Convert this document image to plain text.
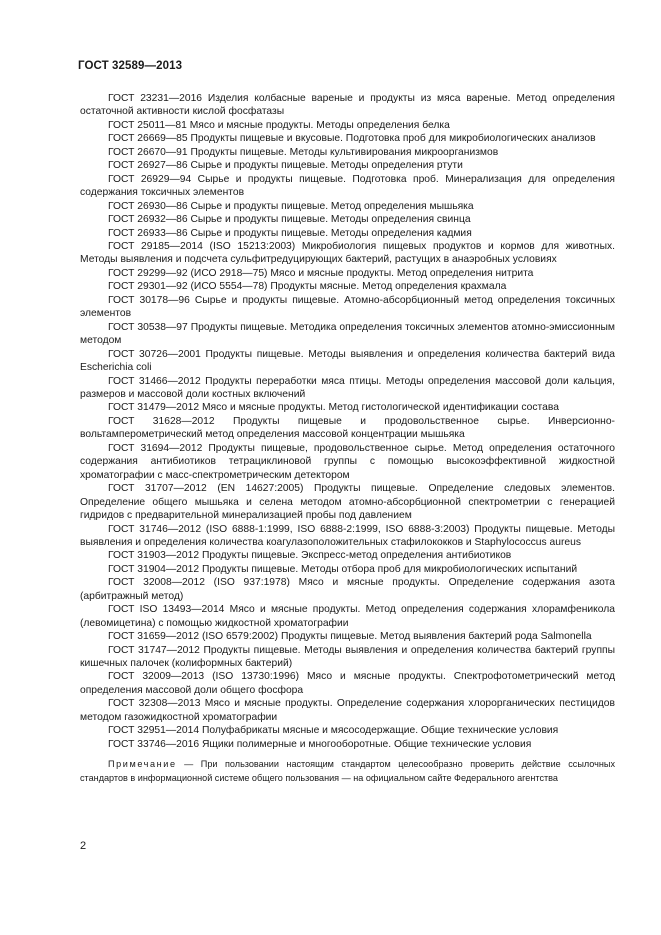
ГОСТ 32589—2013

ГОСТ 23231—2016 Изделия колбасные вареные и продукты из мяса вареные. Метод определения остаточной активности кислой фосфатазы

ГОСТ 25011—81 Мясо и мясные продукты. Методы определения белка

ГОСТ 26669—85 Продукты пищевые и вкусовые. Подготовка проб для микробиологических анализов

ГОСТ 26670—91 Продукты пищевые. Методы культивирования микроорганизмов

ГОСТ 26927—86 Сырье и продукты пищевые. Методы определения ртути

ГОСТ 26929—94 Сырье и продукты пищевые. Подготовка проб. Минерализация для определения содержания токсичных элементов

ГОСТ 26930—86 Сырье и продукты пищевые. Метод определения мышьяка

ГОСТ 26932—86 Сырье и продукты пищевые. Методы определения свинца

ГОСТ 26933—86 Сырье и продукты пищевые. Методы определения кадмия

ГОСТ 29185—2014 (ISO 15213:2003) Микробиология пищевых продуктов и кормов для животных. Методы выявления и подсчета сульфитредуцирующих бактерий, растущих в анаэробных условиях

ГОСТ 29299—92 (ИСО 2918—75) Мясо и мясные продукты. Метод определения нитрита

ГОСТ 29301—92 (ИСО 5554—78) Продукты мясные. Метод определения крахмала

ГОСТ 30178—96 Сырье и продукты пищевые. Атомно-абсорбционный метод определения токсичных элементов

ГОСТ 30538—97 Продукты пищевые. Методика определения токсичных элементов атомно-эмиссионным методом

ГОСТ 30726—2001 Продукты пищевые. Методы выявления и определения количества бактерий вида Escherichia coli

ГОСТ 31466—2012 Продукты переработки мяса птицы. Методы определения массовой доли кальция, размеров и массовой доли костных включений

ГОСТ 31479—2012 Мясо и мясные продукты. Метод гистологической идентификации состава

ГОСТ 31628—2012 Продукты пищевые и продовольственное сырье. Инверсионно-вольтамперометрический метод определения массовой концентрации мышьяка

ГОСТ 31694—2012 Продукты пищевые, продовольственное сырье. Метод определения остаточного содержания антибиотиков тетрациклиновой группы с помощью высокоэффективной жидкостной хроматографии с масс-спектрометрическим детектором

ГОСТ 31707—2012 (EN 14627:2005) Продукты пищевые. Определение следовых элементов. Определение общего мышьяка и селена методом атомно-абсорбционной спектрометрии с генерацией гидридов с предварительной минерализацией пробы под давлением

ГОСТ 31746—2012 (ISO 6888-1:1999, ISO 6888-2:1999, ISO 6888-3:2003) Продукты пищевые. Методы выявления и определения количества коагулазоположительных стафилококков и Staphylococcus aureus

ГОСТ 31903—2012 Продукты пищевые. Экспресс-метод определения антибиотиков

ГОСТ 31904—2012 Продукты пищевые. Методы отбора проб для микробиологических испытаний

ГОСТ 32008—2012 (ISO 937:1978) Мясо и мясные продукты. Определение содержания азота (арбитражный метод)

ГОСТ ISO 13493—2014 Мясо и мясные продукты. Метод определения содержания хлорамфеникола (левомицетина) с помощью жидкостной хроматографии

ГОСТ 31659—2012 (ISO 6579:2002) Продукты пищевые. Метод выявления бактерий рода Salmonella

ГОСТ 31747—2012 Продукты пищевые. Методы выявления и определения количества бактерий группы кишечных палочек (колиформных бактерий)

ГОСТ 32009—2013 (ISO 13730:1996) Мясо и мясные продукты. Спектрофотометрический метод определения массовой доли общего фосфора

ГОСТ 32308—2013 Мясо и мясные продукты. Определение содержания хлорорганических пестицидов методом газожидкостной хроматографии

ГОСТ 32951—2014 Полуфабрикаты мясные и мясосодержащие. Общие технические условия

ГОСТ 33746—2016 Ящики полимерные и многооборотные. Общие технические условия

Примечание — При пользовании настоящим стандартом целесообразно проверить действие ссылочных стандартов в информационной системе общего пользования — на официальном сайте Федерального агентства

2
